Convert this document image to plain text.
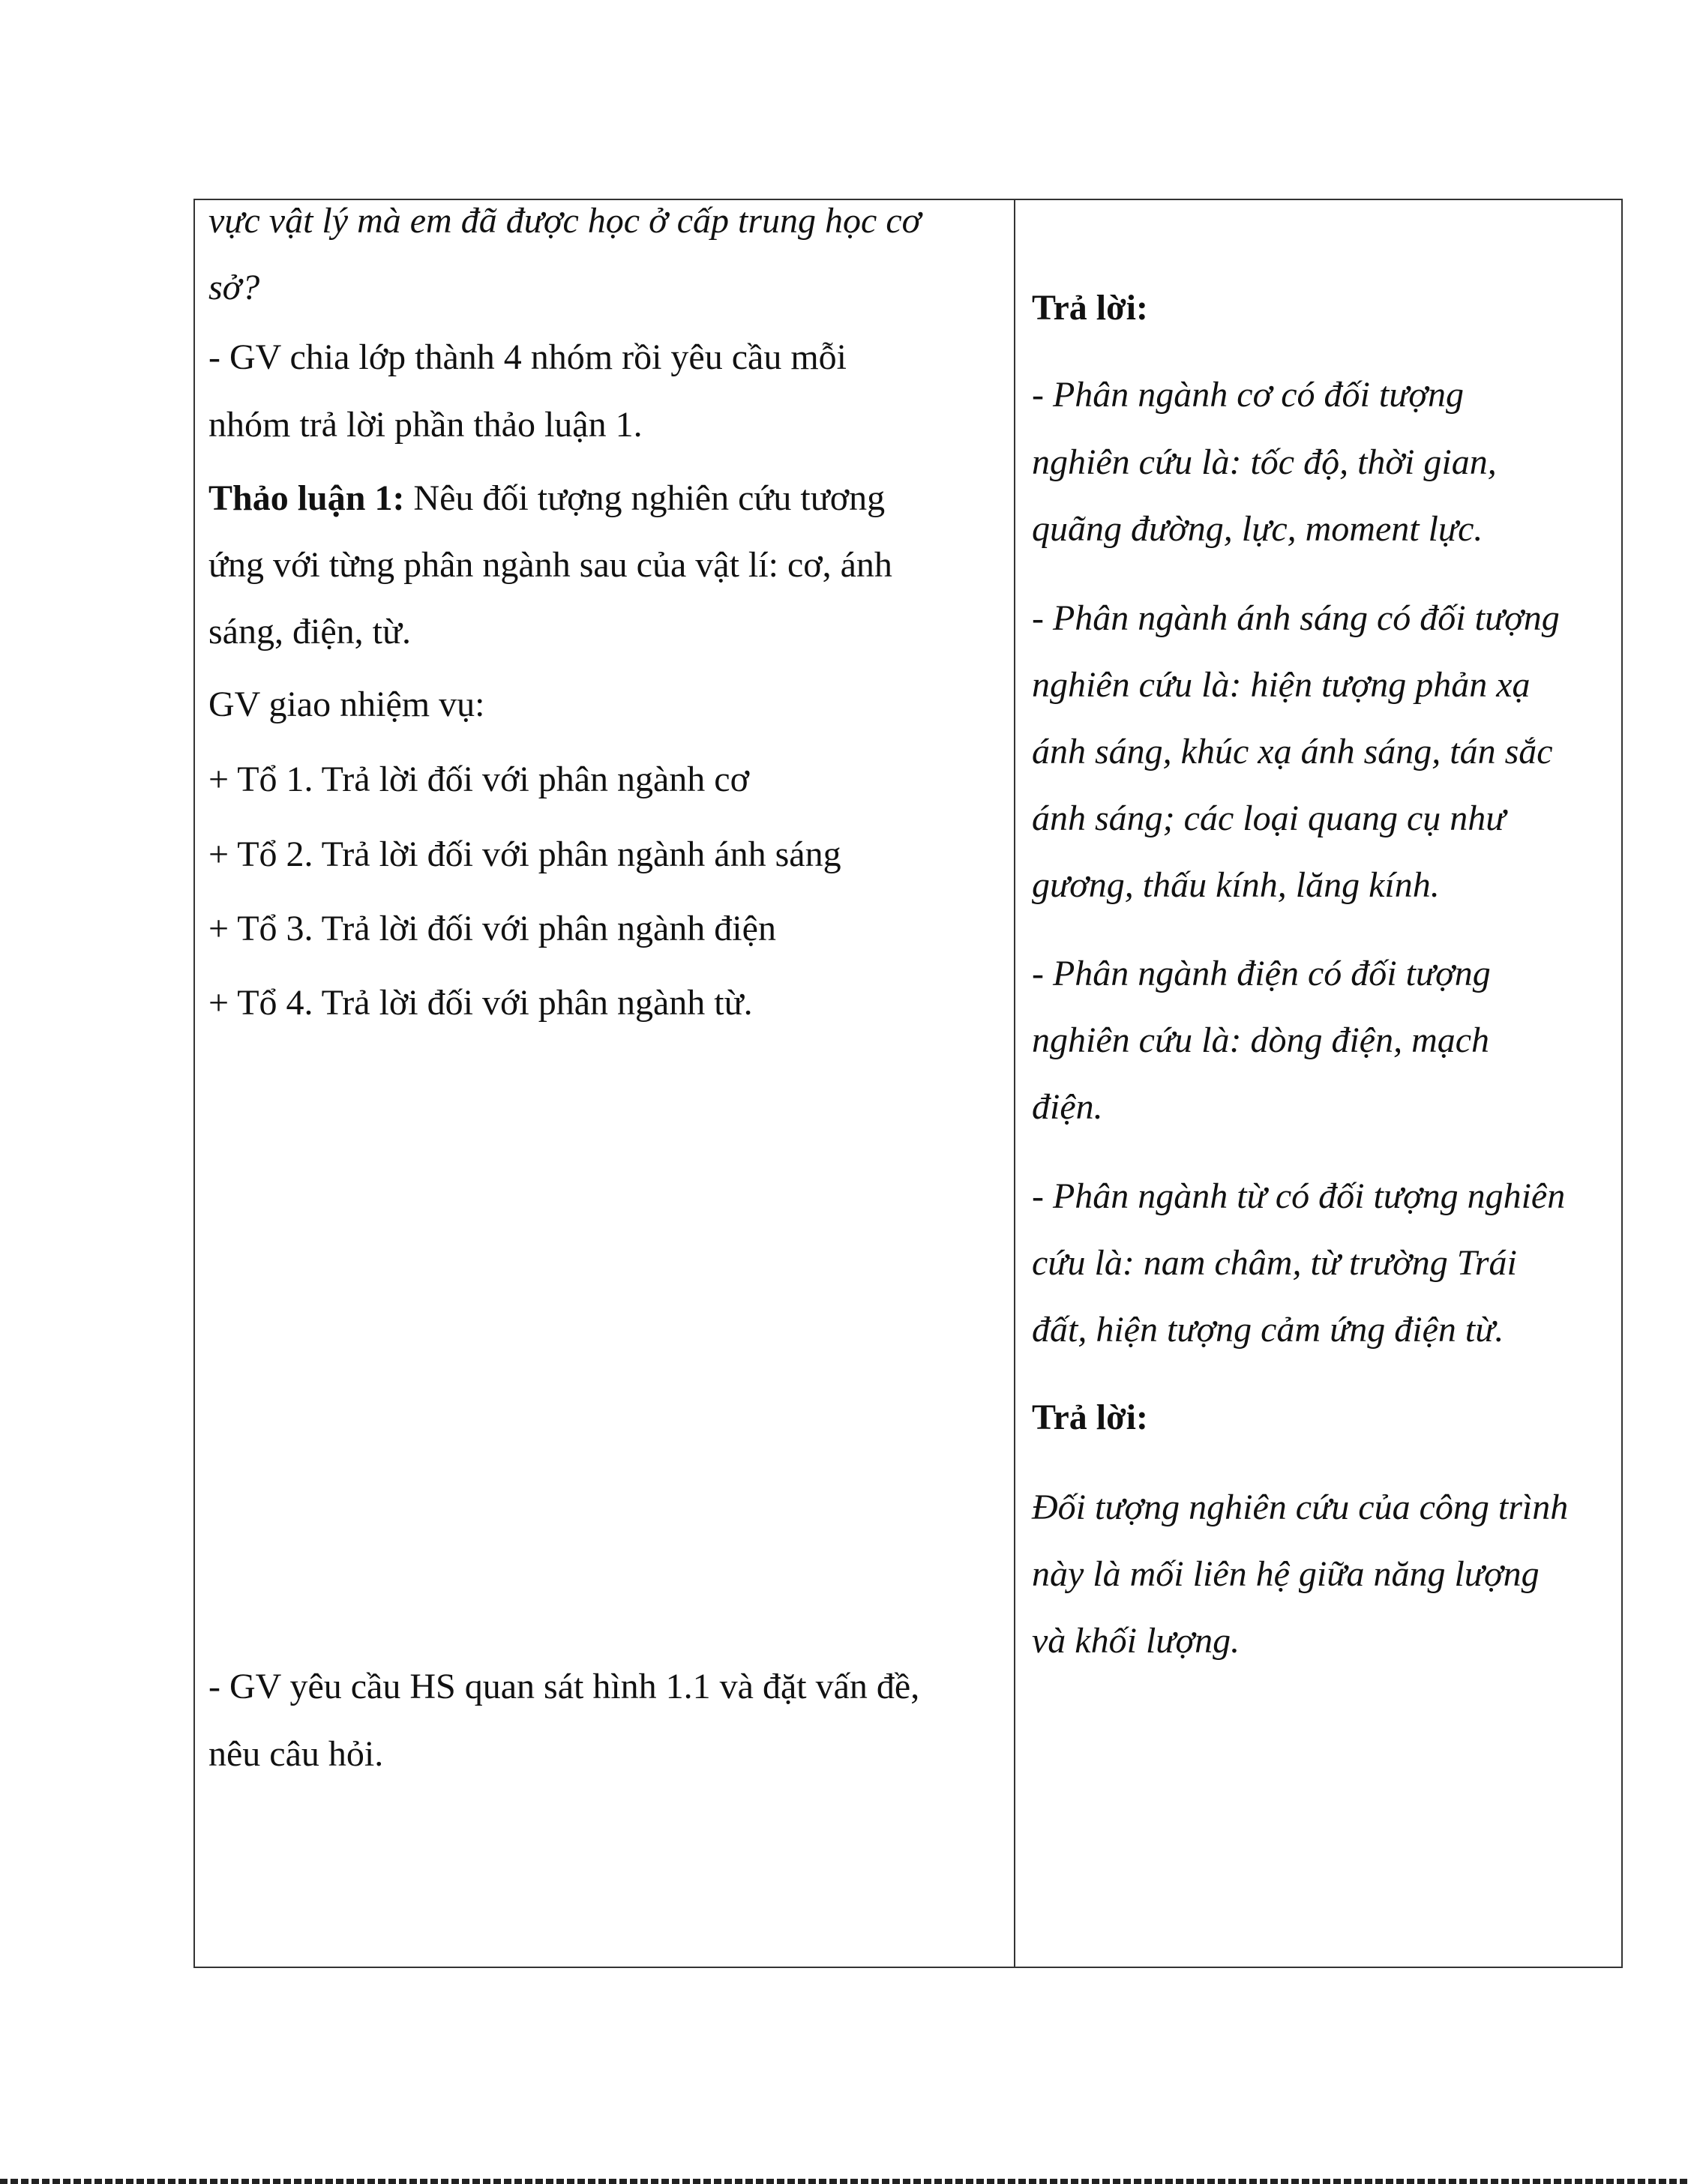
vực vật lý mà em đã được học ở cấp trung học cơ

sở?

- GV chia lớp thành 4 nhóm rồi yêu cầu mỗi

nhóm trả lời phần thảo luận 1.

Thảo luận 1: Nêu đối tượng nghiên cứu tương

ứng với từng phân ngành sau của vật lí: cơ, ánh

sáng, điện, từ.

GV giao nhiệm vụ:

+ Tổ 1. Trả lời đối với phân ngành cơ

+ Tổ 2. Trả lời đối với phân ngành ánh sáng

+ Tổ 3. Trả lời đối với phân ngành điện

+ Tổ 4. Trả lời đối với phân ngành từ.

- GV yêu cầu HS quan sát hình 1.1 và đặt vấn đề,

nêu câu hỏi.

Trả lời:

- Phân ngành cơ có đối tượng

nghiên cứu là: tốc độ, thời gian,

quãng đường, lực, moment lực.

- Phân ngành ánh sáng có đối tượng

nghiên cứu là: hiện tượng phản xạ

ánh sáng, khúc xạ ánh sáng, tán sắc

ánh sáng; các loại quang cụ như

gương, thấu kính, lăng kính.

- Phân ngành điện có đối tượng

nghiên cứu là: dòng điện, mạch

điện.

- Phân ngành từ có đối tượng nghiên

cứu là: nam châm, từ trường Trái

đất, hiện tượng cảm ứng điện từ.

Trả lời:

Đối tượng nghiên cứu của công trình

này là mối liên hệ giữa năng lượng

và khối lượng.
